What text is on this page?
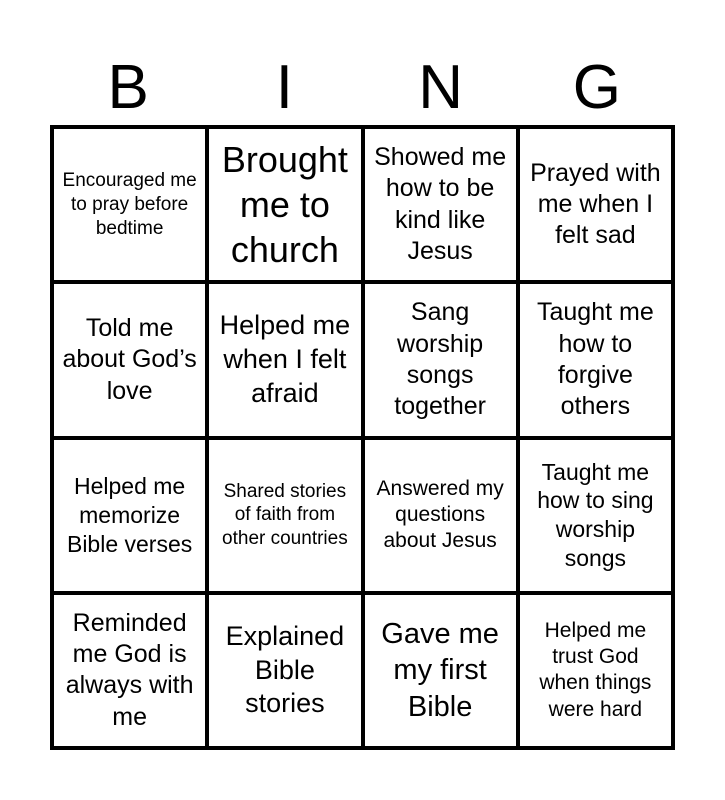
B	I	N	G
Encouraged me to pray before bedtime
Brought me to church
Showed me how to be kind like Jesus
Prayed with me when I felt sad
Told me about God’s love
Helped me when I felt afraid
Sang worship songs together
Taught me how to forgive others
Helped me memorize Bible verses
Shared stories of faith from other countries
Answered my questions about Jesus
Taught me how to sing worship songs
Reminded me God is always with me
Explained Bible stories
Gave me my first Bible
Helped me trust God when things were hard
